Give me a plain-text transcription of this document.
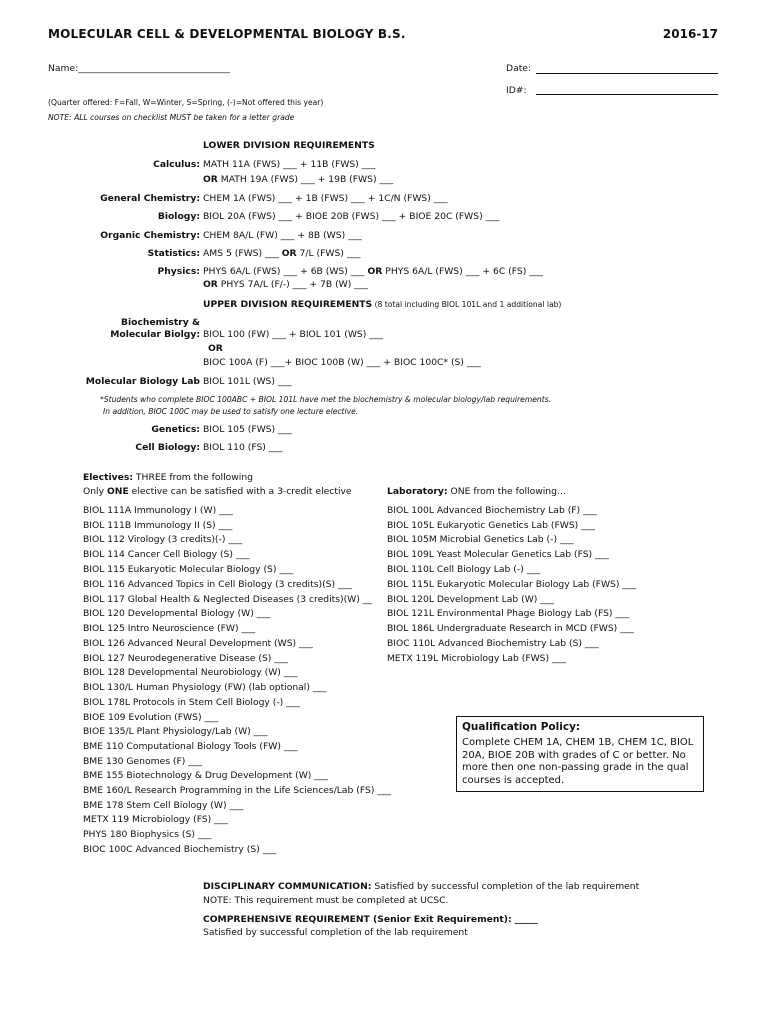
MOLECULAR CELL & DEVELOPMENTAL BIOLOGY B.S.	2016-17
Name:_________________________________	Date:
ID#:
(Quarter offered: F=Fall, W=Winter, S=Spring, (-)=Not offered this year)
NOTE: ALL courses on checklist MUST be taken for a letter grade
LOWER DIVISION REQUIREMENTS
Calculus: MATH 11A (FWS) ___ + 11B (FWS) ___
OR MATH 19A (FWS) ___ + 19B (FWS) ___
General Chemistry: CHEM 1A (FWS) ___ + 1B (FWS) ___ + 1C/N (FWS) ___
Biology: BIOL 20A (FWS) ___ + BIOE 20B (FWS) ___ + BIOE 20C (FWS) ___
Organic Chemistry: CHEM 8A/L (FW) ___ + 8B (WS) ___
Statistics: AMS 5 (FWS) ___ OR 7/L (FWS) ___
Physics: PHYS 6A/L (FWS) ___ + 6B (WS) ___ OR PHYS 6A/L (FWS) ___ + 6C (FS) ___
OR PHYS 7A/L (F/-) ___ + 7B (W) ___
UPPER DIVISION REQUIREMENTS (8 total including BIOL 101L and 1 additional lab)
Biochemistry &
Molecular Biolgy: BIOL 100 (FW) ___ + BIOL 101 (WS) ___
OR
BIOC 100A (F) ___+ BIOC 100B (W) ___ + BIOC 100C* (S) ___
Molecular Biology Lab BIOL 101L (WS) ___
*Students who complete BIOC 100ABC + BIOL 101L have met the biochemistry & molecular biology/lab requirements.
In addition, BIOC 100C may be used to satisfy one lecture elective.
Genetics: BIOL 105 (FWS) ___
Cell Biology: BIOL 110 (FS) ___
Electives: THREE from the following
Only ONE elective can be satisfied with a 3-credit elective	Laboratory: ONE from the following…
BIOL 111A Immunology I (W) ___
BIOL 111B Immunology II (S) ___
BIOL 112 Virology (3 credits)(-) ___
BIOL 114 Cancer Cell Biology (S) ___
BIOL 115 Eukaryotic Molecular Biology (S) ___
BIOL 116 Advanced Topics in Cell Biology (3 credits)(S) ___
BIOL 117 Global Health & Neglected Diseases (3 credits)(W) __
BIOL 120 Developmental Biology (W) ___
BIOL 125 Intro Neuroscience (FW) ___
BIOL 126 Advanced Neural Development (WS) ___
BIOL 127 Neurodegenerative Disease (S) ___
BIOL 128 Developmental Neurobiology (W) ___
BIOL 130/L Human Physiology (FW) (lab optional) ___
BIOL 178L Protocols in Stem Cell Biology (-) ___
BIOE 109 Evolution (FWS) ___
BIOE 135/L Plant Physiology/Lab (W) ___
BME 110 Computational Biology Tools (FW) ___
BME 130 Genomes (F) ___
BME 155 Biotechnology & Drug Development (W) ___
BME 160/L Research Programming in the Life Sciences/Lab (FS) ___
BME 178 Stem Cell Biology (W) ___
METX 119 Microbiology (FS) ___
PHYS 180 Biophysics (S) ___
BIOC 100C Advanced Biochemistry (S) ___
BIOL 100L Advanced Biochemistry Lab (F) ___
BIOL 105L Eukaryotic Genetics Lab (FWS) ___
BIOL 105M Microbial Genetics Lab (-) ___
BIOL 109L Yeast Molecular Genetics Lab (FS) ___
BIOL 110L Cell Biology Lab (-) ___
BIOL 115L Eukaryotic Molecular Biology Lab (FWS) ___
BIOL 120L Development Lab (W) ___
BIOL 121L Environmental Phage Biology Lab (FS) ___
BIOL 186L Undergraduate Research in MCD (FWS) ___
BIOC 110L Advanced Biochemistry Lab (S) ___
METX 119L Microbiology Lab (FWS) ___
Qualification Policy:
Complete CHEM 1A, CHEM 1B, CHEM 1C, BIOL 20A, BIOE 20B with grades of C or better. No more then one non-passing grade in the qual courses is accepted.
DISCIPLINARY COMMUNICATION: Satisfied by successful completion of the lab requirement
NOTE: This requirement must be completed at UCSC.
COMPREHENSIVE REQUIREMENT (Senior Exit Requirement): _____
Satisfied by successful completion of the lab requirement
